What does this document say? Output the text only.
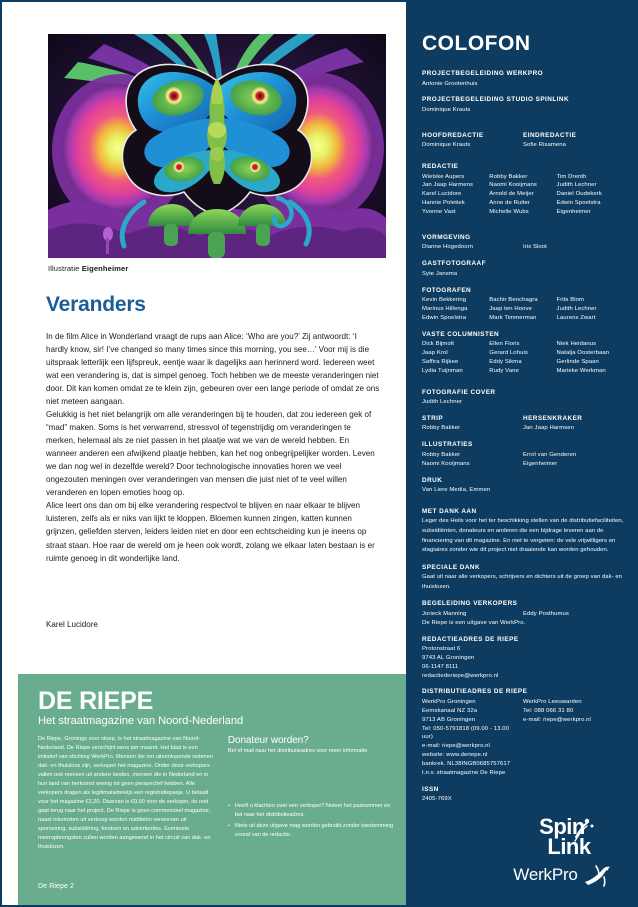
Illustratie Eigenheimer
Veranders

In de film Alice in Wonderland vraagt de rups aan Alice: ‘Who are you?’ Zij antwoordt: ‘I hardly know, sir! I’ve changed so many times since this morning, you see…’ Voor mij is die uitspraak letterlijk een lijfspreuk, eentje waar ik dagelijks aan herinnerd word. Iedereen weet wat een verandering is, dat is simpel genoeg. Toch hebben we de meeste veranderingen niet door. Dit kan komen omdat ze te klein zijn, gebeuren over een lange periode of omdat ze ons niet meteen aangaan.

Gelukkig is het niet belangrijk om alle veranderingen bij te houden, dat zou iedereen gek of “mad” maken. Soms is het verwarrend, stressvol of tegenstrijdig om veranderingen te merken, helemaal als ze niet passen in het plaatje wat we van de wereld hebben. En wanneer anderen een afwijkend plaatje hebben, kan het nog onbegrijpelijker worden. Leven we dan nog wel in dezelfde wereld? Door technologische innovaties horen we veel ongezouten meningen over veranderingen van mensen die juist niet of te veel willen veranderen en lopen emoties hoog op.

Alice leert ons dan om bij elke verandering respectvol te blijven en naar elkaar te blijven luisteren, zelfs als er niks van lijkt te kloppen. Bloemen kunnen zingen, katten kunnen grijnzen, geliefden sterven, leiders leiden niet en door een echtscheiding kun je ineens op straat staan. Hoe raar de wereld om je heen ook wordt, zolang we elkaar laten bestaan is er ruimte genoeg in dit wonderlijke land.

Karel Lucidore
DE RIEPE
Het straatmagazine van Noord-Nederland
De Riepe, Gronings voor stoep, is het straatmagazine van Noord-Nederland. De Riepe verschijnt eens per maand. Het blad is een initiatief van stichting WerkPro. Mensen die om uiteenlopende redenen dak- en thuisloos zijn, verkopen het magazine. Onder deze verkopers vallen ook mensen uit andere landen, mensen die in Nederland en in hun land van herkomst weinig tot geen perspectief hebben. Alle verkopers dragen als legitimatiebewijs een registratiepasje. U betaalt voor het magazine €2,20. Daarvan is €0,90 voor de verkoper, de rest gaat terug naar het project. De Riepe is geen commercieel magazine; naast inkomsten uit verkoop worden middelen verworven uit sponsoring, subsidiëring, fondsen en advertenties. Eventuele meeropbrengsten zullen worden aangewend in het circuit van dak- en thuislozen.
Donateur worden?
Bel of mail naar het distributieadres voor meer informatie.
• Heeft u klachten over een verkoper? Noteer het pasnummer en bel naar het distributieadres.
• Niets uit deze uitgave mag worden gebruikt zonder toestemming vooraf van de redactie.
De Riepe 2
COLOFON
PROJECTBEGELEIDING WERKPRO
Antonie Grootenhuis
PROJECTBEGELEIDING STUDIO SPINLINK
Dominique Krauts
HOOFDREDACTIE
Dominique Krauts
EINDREDACTIE
Sofie Risamena
REDACTIE
Wietske Aupers
Jan Jaap Harmens
Karel Lucidore
Hannie Poletiek
Yvonne Vast
Robby Bakker
Naomi Kooijmans
Arnold de Meijer
Anne de Ruiter
Michelle Wubs
Tim Drenth
Judith Lechner
Daniel Oudekerk
Edwin Spoelstra
Eigenheimer
VORMGEVING
Dianne Hogedoorn
	Iris Sloot
GASTFOTOGRAAF
Syte Jansma
FOTOGRAFEN
Kevin Bekkering
Marinus Hillenga
Edwin Spoelstra
Bachir Benchagra
Jaap ten Hoove
Mark Timmerman
Frits Blom
Judith Lechner
Laurens Zwart
VASTE COLUMNISTEN
Dick Bijmolt
Jaap Krol
Saffira Rijkee
Lydia Tuijnman
Ellen Floris
Gerard Lohuis
Eddy Sikma
Rudy Vane
Niek Heidanus
Natalja Oosterbaan
Gerlinde Spaan
Marieke Werkman
FOTOGRAFIE COVER
Judith Lechner
STRIP
Robby Bakker
HERSENKRAKER
Jan Jaap Harmsen
ILLUSTRATIES
Robby Bakker
Naomi Kooijmans
Errol van Genderen
Eigenheimer
DRUK
Van Liere Media, Emmen
MET DANK AAN
Leger des Heils voor het ter beschikking stellen van de distributiefaciliteiten, subsidiënten, donateurs en anderen die een bijdrage leveren aan de financiering van dit magazine. En niet te vergeten: de vele vrijwilligers en stagiaires zonder wie dit project niet draaiende kan worden gehouden.
SPECIALE DANK
Gaat uit naar alle verkopers, schrijvers en dichters uit de groep van dak- en thuislozen.
BEGELEIDING VERKOPERS
Jorieck Manning	Eddy Posthumus
De Riepe is een uitgave van WerkPro.
REDACTIEADRES DE RIEPE
Protonstraat 6
9743 AL Groningen
06-1147 8111
redactiederiepe@werkpro.nl
DISTRIBUTIEADRES DE RIEPE
WerkPro Groningen
Eemskanaal NZ 32a
9713 AB Groningen
Tel: 050-5791818 (09.00 - 13.00 uur)
e-mail: riepe@werkpro.nl
website: www.deriepe.nl
bankrek. NL38INGB0685757617
t.n.v. straatmagazine De Riepe
WerkPro Leeuwarden
Tel: 088 066 31 80
e-mail: riepe@werkpro.nl
ISSN
2405-769X
Spin
Link
WerkPro
